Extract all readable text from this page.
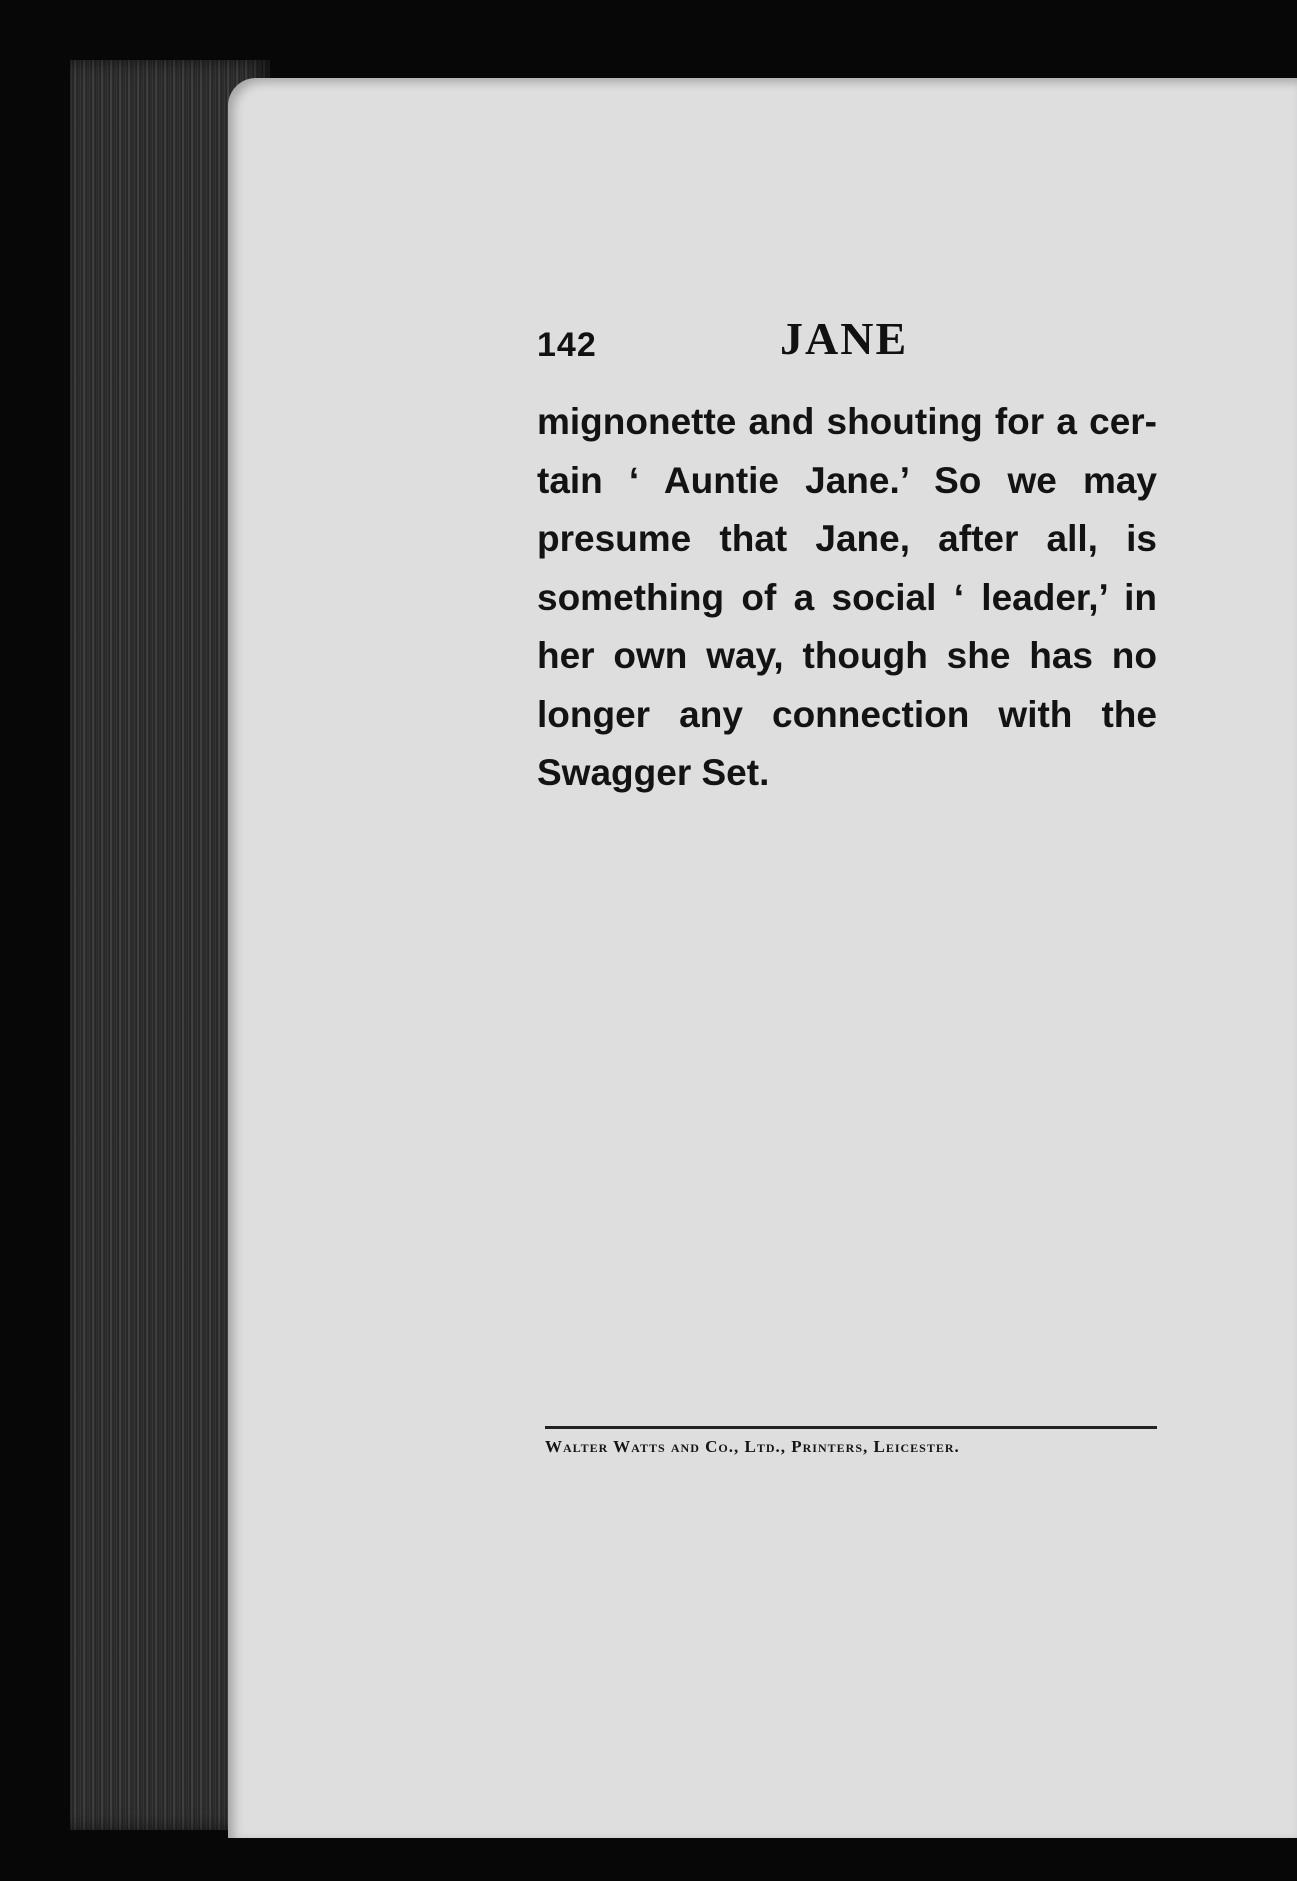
142	JANE

mignonette and shouting for a cer-
tain ‘ Auntie Jane.’ So we may
presume that Jane, after all, is
something of a social ‘ leader,’ in
her own way, though she has no
longer any connection with the
Swagger Set.

Walter Watts and Co., Ltd., Printers, Leicester.
